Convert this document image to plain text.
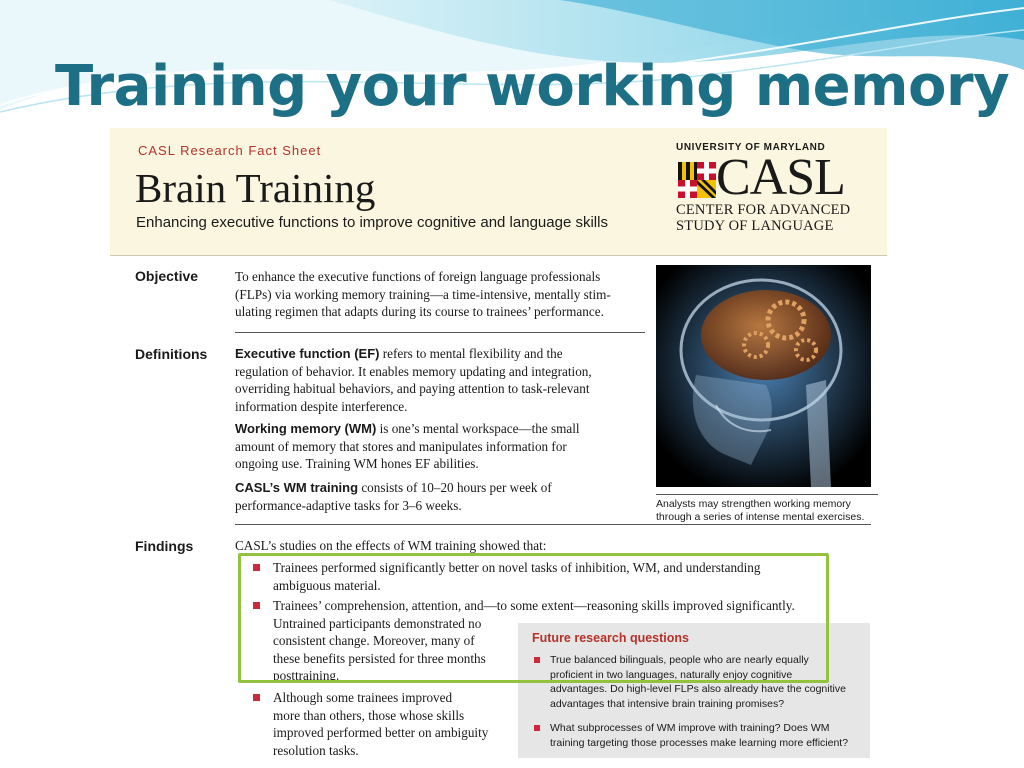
Training your working memory
CASL Research Fact Sheet
Brain Training
Enhancing executive functions to improve cognitive and language skills
UNIVERSITY OF MARYLAND
CASL
CENTER FOR ADVANCED
STUDY OF LANGUAGE
Objective	To enhance the executive functions of foreign language professionals
(FLPs) via working memory training—a time-intensive, mentally stim-
ulating regimen that adapts during its course to trainees’ performance.
Definitions Executive function (EF) refers to mental flexibility and the
regulation of behavior. It enables memory updating and integration,
overriding habitual behaviors, and paying attention to task-relevant
information despite interference.
Working memory (WM) is one’s mental workspace—the small
amount of memory that stores and manipulates information for
ongoing use. Training WM hones EF abilities.
CASL’s WM training consists of 10–20 hours per week of
performance-adaptive tasks for 3–6 weeks.	Analysts may strengthen working memory
through a series of intense mental exercises.
Findings	CASL’s studies on the effects of WM training showed that:
Trainees performed significantly better on novel tasks of inhibition, WM, and understanding
ambiguous material.
Trainees’ comprehension, attention, and—to some extent—reasoning skills improved significantly.
Untrained participants demonstrated no
consistent change. Moreover, many of
these benefits persisted for three months
posttraining.
Although some trainees improved
more than others, those whose skills
improved performed better on ambiguity
resolution tasks.
Future research questions
True balanced bilinguals, people who are nearly equally
proficient in two languages, naturally enjoy cognitive
advantages. Do high-level FLPs also already have the cognitive
advantages that intensive brain training promises?
What subprocesses of WM improve with training? Does WM
training targeting those processes make learning more efficient?
